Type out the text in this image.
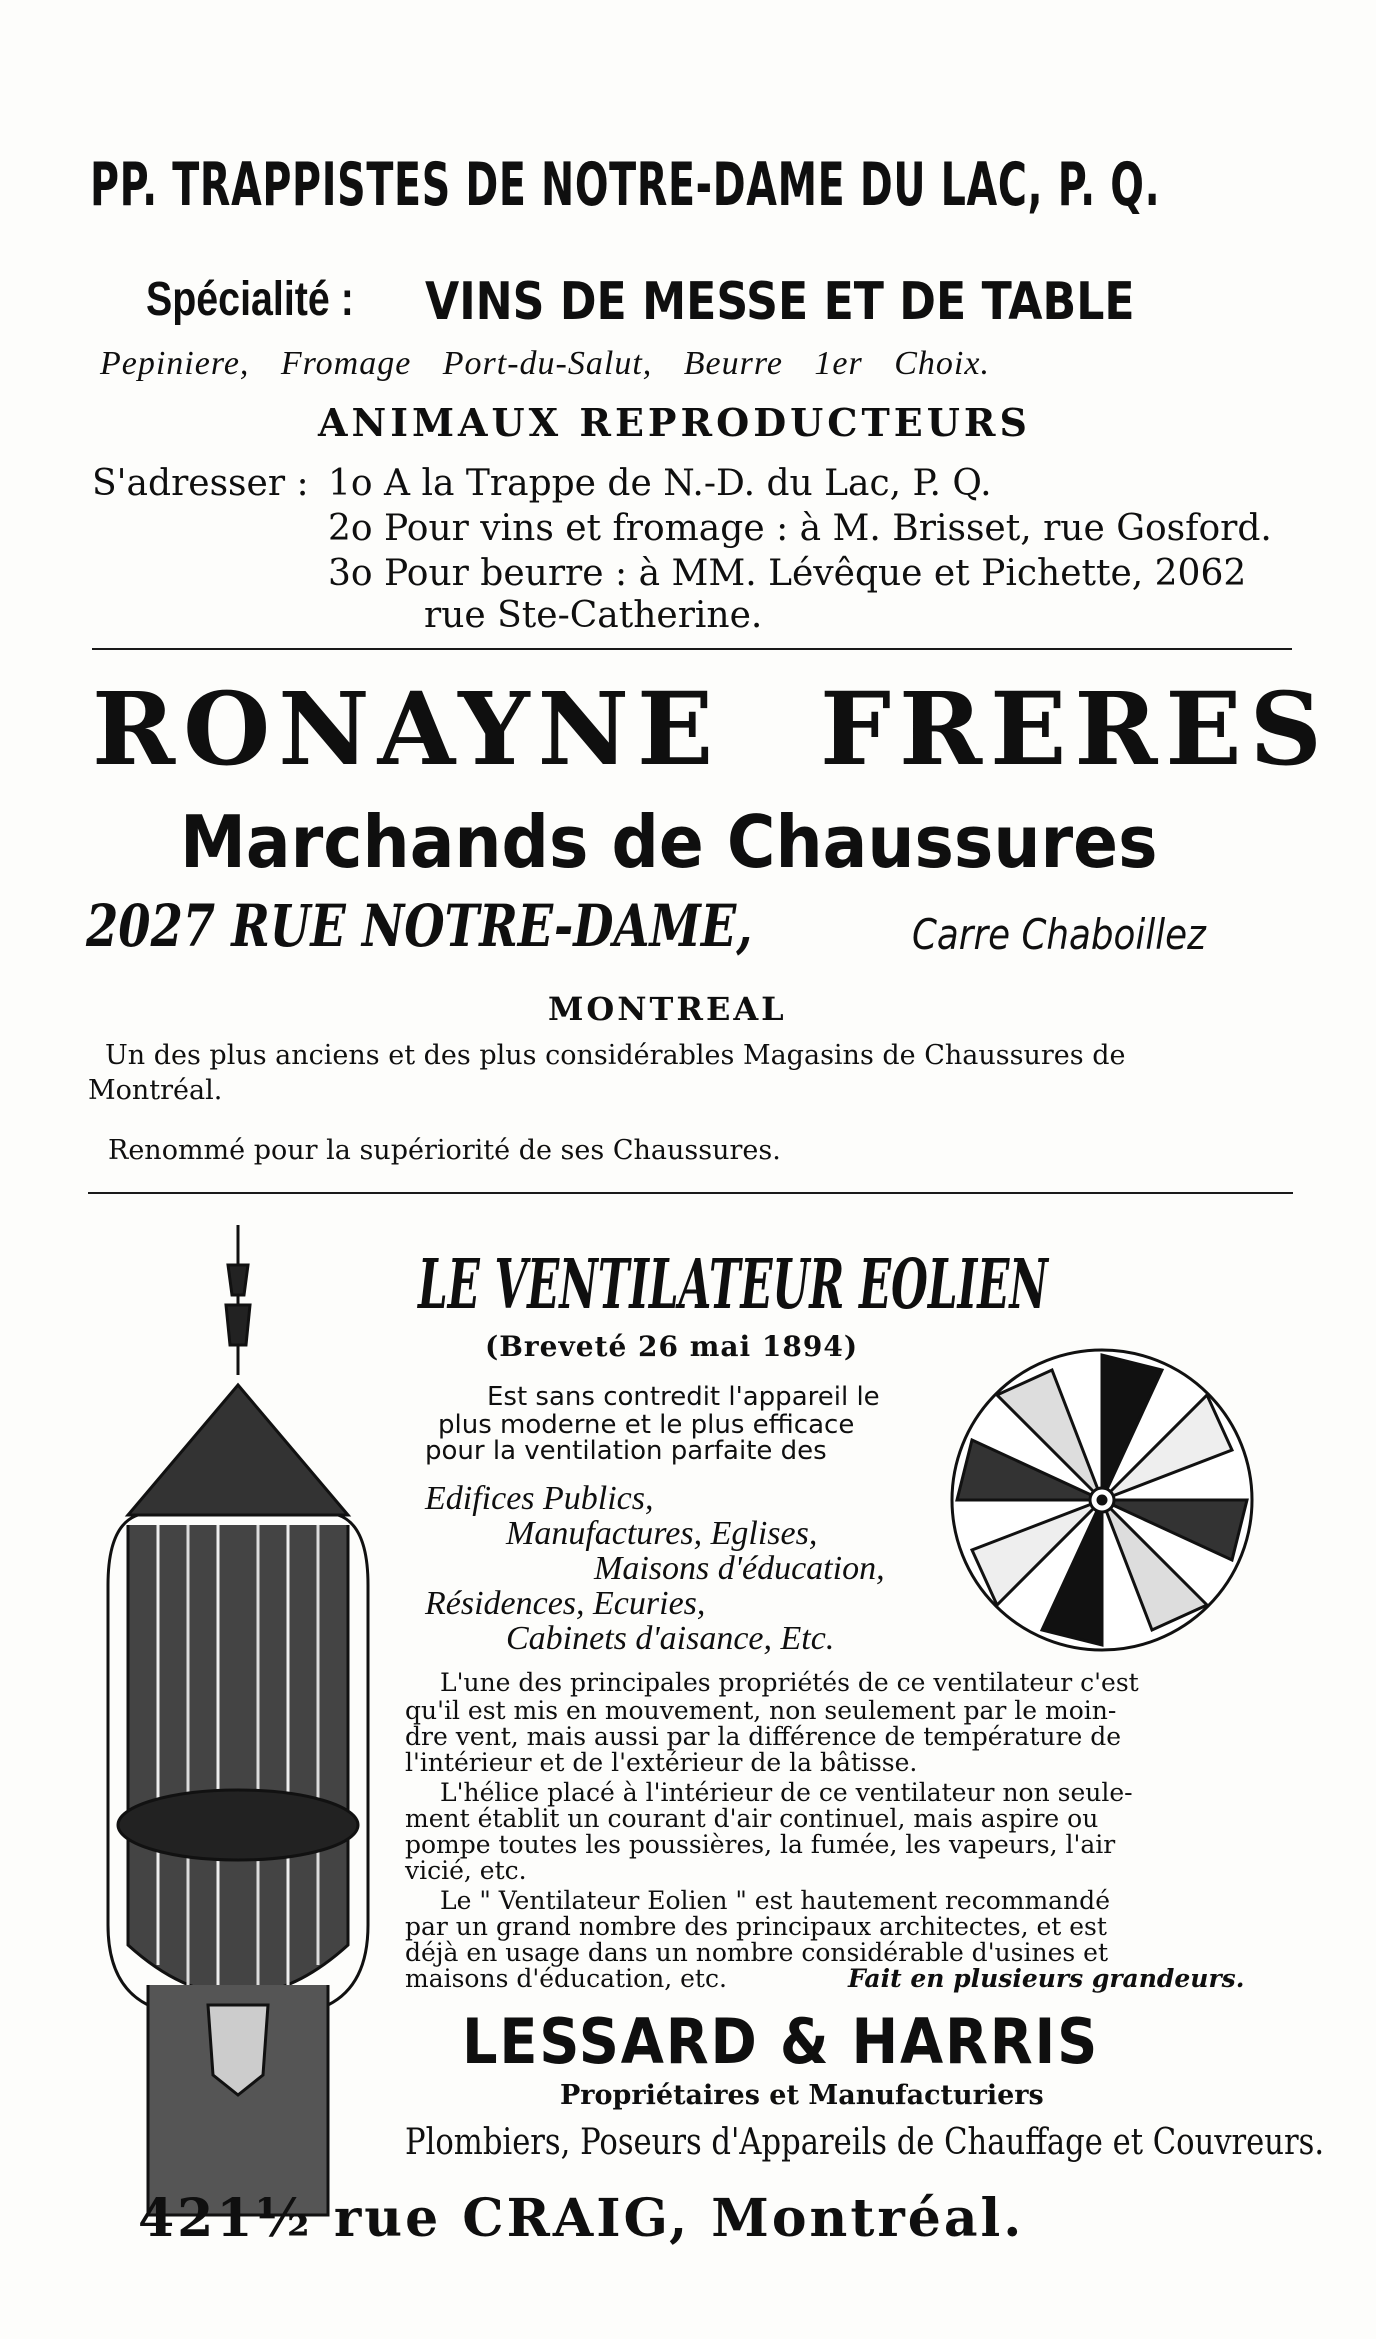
PP. TRAPPISTES DE NOTRE-DAME DU LAC, P. Q.
Spécialité : VINS DE MESSE ET DE TABLE
Pepiniere, Fromage Port-du-Salut, Beurre 1er Choix.
ANIMAUX REPRODUCTEURS
S'adresser : 1o A la Trappe de N.-D. du Lac, P. Q.
2o Pour vins et fromage : à M. Brisset, rue Gosford.
3o Pour beurre : à MM. Lévêque et Pichette, 2062
rue Ste-Catherine.
RONAYNE FRERES
Marchands de Chaussures
2027 RUE NOTRE-DAME,	Carre Chaboillez
MONTREAL
Un des plus anciens et des plus considérables Magasins de Chaussures de
Montréal.
Renommé pour la supériorité de ses Chaussures.
LE VENTILATEUR EOLIEN
(Breveté 26 mai 1894)
Est sans contredit l'appareil le
plus moderne et le plus efficace
pour la ventilation parfaite des
Edifices Publics,
Manufactures, Eglises,
Maisons d'éducation,
Résidences, Ecuries,
Cabinets d'aisance, Etc.
L'une des principales propriétés de ce ventilateur c'est
qu'il est mis en mouvement, non seulement par le moin-
dre vent, mais aussi par la différence de température de
l'intérieur et de l'extérieur de la bâtisse.
L'hélice placé à l'intérieur de ce ventilateur non seule-
ment établit un courant d'air continuel, mais aspire ou
pompe toutes les poussières, la fumée, les vapeurs, l'air
vicié, etc.
Le " Ventilateur Eolien " est hautement recommandé
par un grand nombre des principaux architectes, et est
déjà en usage dans un nombre considérable d'usines et
maisons d'éducation, etc.	Fait en plusieurs grandeurs.
LESSARD & HARRIS
Propriétaires et Manufacturiers
Plombiers, Poseurs d'Appareils de Chauffage et Couvreurs.
421½ rue CRAIG, Montréal.
